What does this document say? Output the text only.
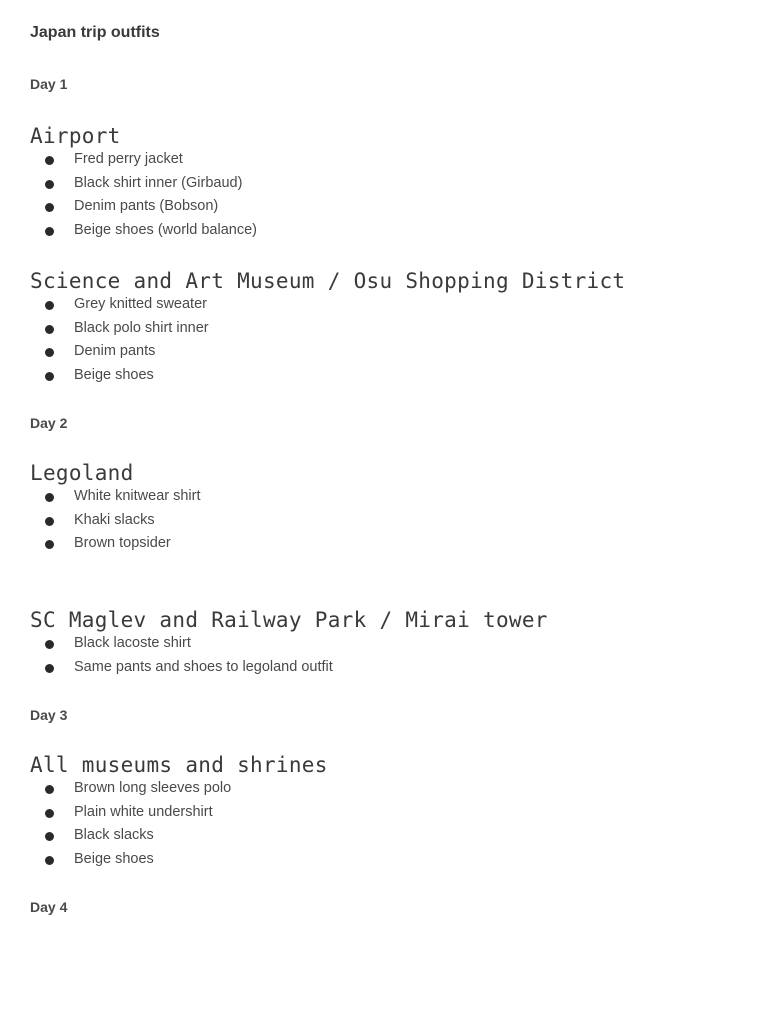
Japan trip outfits
Day 1
Airport
Fred perry jacket
Black shirt inner (Girbaud)
Denim pants (Bobson)
Beige shoes (world balance)
Science and Art Museum / Osu Shopping District
Grey knitted sweater
Black polo shirt inner
Denim pants
Beige shoes
Day 2
Legoland
White knitwear shirt
Khaki slacks
Brown topsider
SC Maglev and Railway Park / Mirai tower
Black lacoste shirt
Same pants and shoes to legoland outfit
Day 3
All museums and shrines
Brown long sleeves polo
Plain white undershirt
Black slacks
Beige shoes
Day 4
